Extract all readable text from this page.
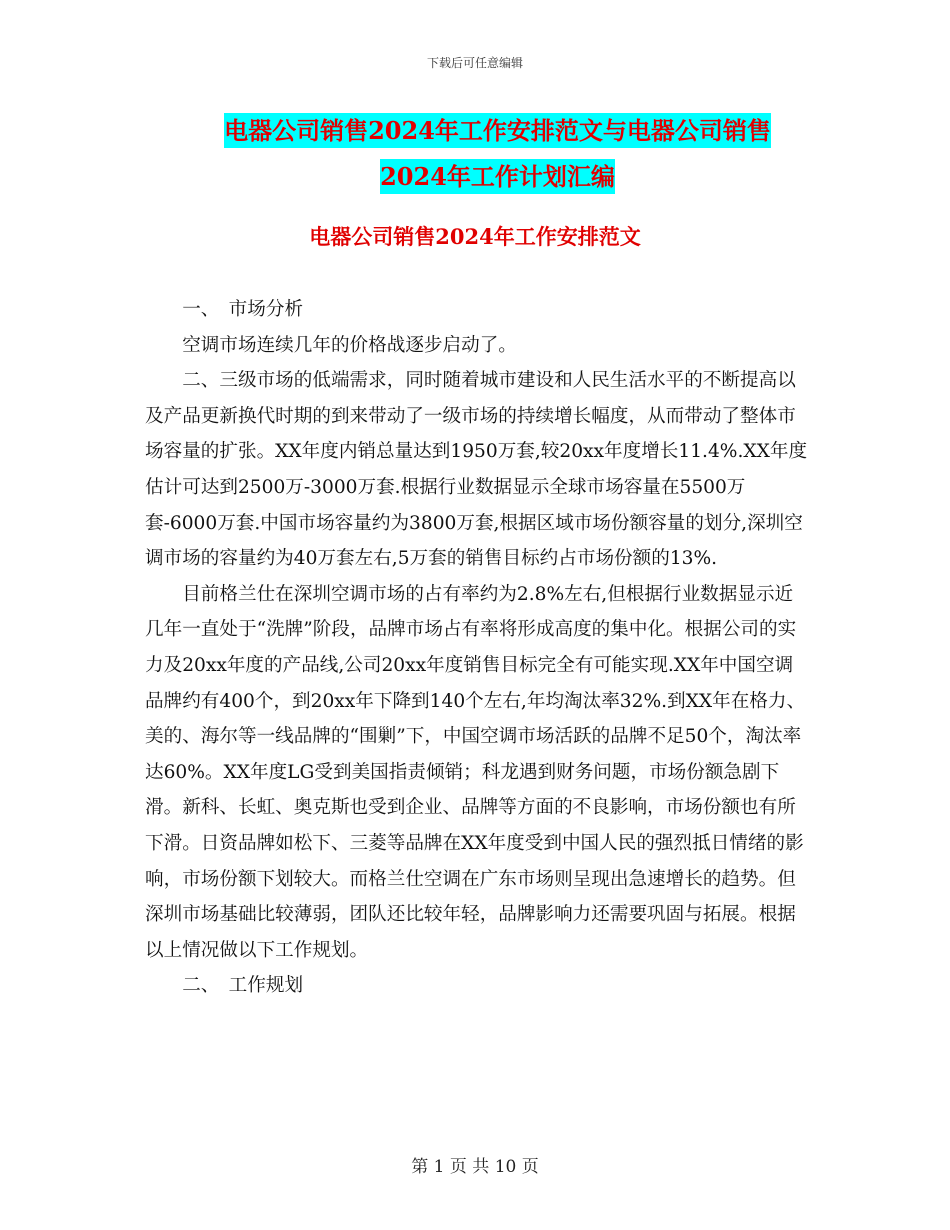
下载后可任意编辑
电器公司销售2024年工作安排范文与电器公司销售
2024年工作计划汇编
电器公司销售2024年工作安排范文

一、　市场分析

空调市场连续几年的价格战逐步启动了。

二、三级市场的低端需求，同时随着城市建设和人民生活水平的不断提高以及产品更新换代时期的到来带动了一级市场的持续增长幅度，从而带动了整体市场容量的扩张。XX年度内销总量达到1950万套,较20xx年度增长11.4%.XX年度估计可达到2500万-3000万套.根据行业数据显示全球市场容量在5500万套-6000万套.中国市场容量约为3800万套,根据区域市场份额容量的划分,深圳空调市场的容量约为40万套左右,5万套的销售目标约占市场份额的13%.

目前格兰仕在深圳空调市场的占有率约为2.8%左右,但根据行业数据显示近几年一直处于“洗牌”阶段，品牌市场占有率将形成高度的集中化。根据公司的实力及20xx年度的产品线,公司20xx年度销售目标完全有可能实现.XX年中国空调品牌约有400个，到20xx年下降到140个左右,年均淘汰率32%.到XX年在格力、美的、海尔等一线品牌的“围剿”下，中国空调市场活跃的品牌不足50个，淘汰率达60%。XX年度LG受到美国指责倾销；科龙遇到财务问题，市场份额急剧下滑。新科、长虹、奥克斯也受到企业、品牌等方面的不良影响，市场份额也有所下滑。日资品牌如松下、三菱等品牌在XX年度受到中国人民的强烈抵日情绪的影响，市场份额下划较大。而格兰仕空调在广东市场则呈现出急速增长的趋势。但深圳市场基础比较薄弱，团队还比较年轻，品牌影响力还需要巩固与拓展。根据以上情况做以下工作规划。

二、　工作规划

第 1 页 共 10 页
